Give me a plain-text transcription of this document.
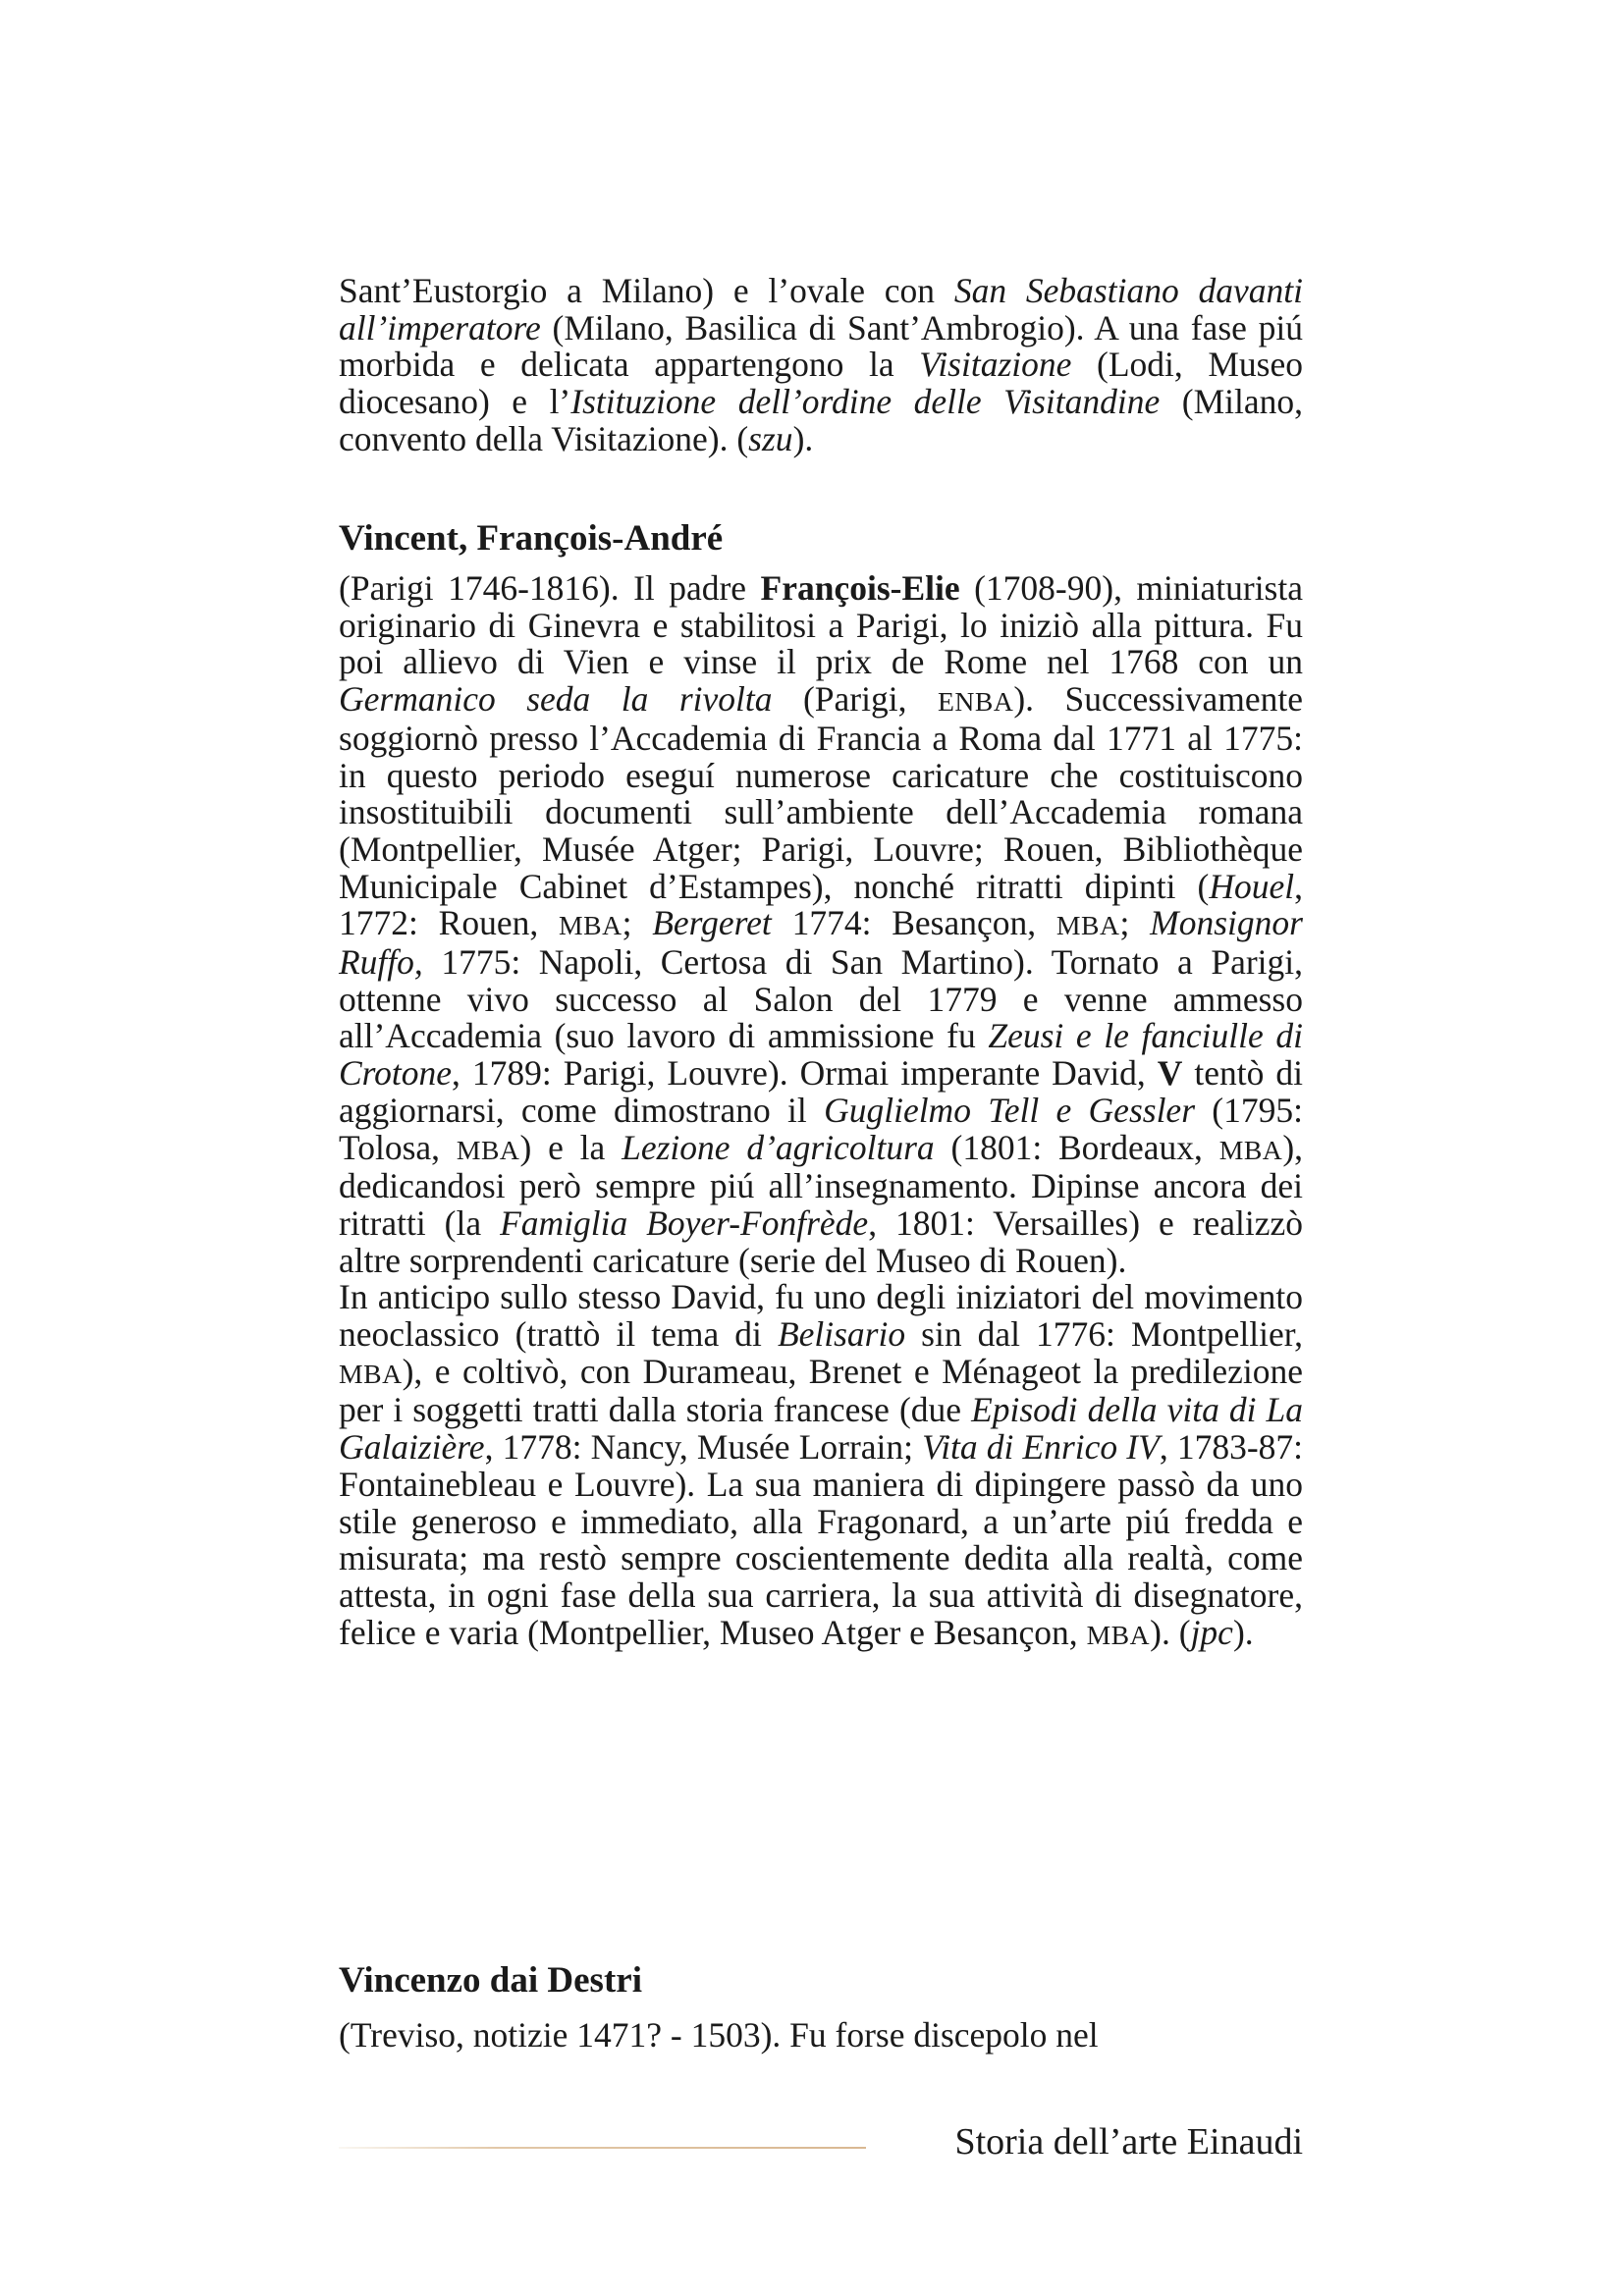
Sant’Eustorgio a Milano) e l’ovale con San Sebastiano davanti all’imperatore (Milano, Basilica di Sant’Ambrogio). A una fase piú morbida e delicata appartengono la Visitazione (Lodi, Museo diocesano) e l’Istituzione dell’ordine delle Visitandine (Milano, convento della Visitazione). (szu).
Vincent, François-André
(Parigi 1746-1816). Il padre François-Elie (1708-90), miniaturista originario di Ginevra e stabilitosi a Parigi, lo iniziò alla pittura. Fu poi allievo di Vien e vinse il prix de Rome nel 1768 con un Germanico seda la rivolta (Parigi, ENBA). Successivamente soggiornò presso l’Accademia di Francia a Roma dal 1771 al 1775: in questo periodo eseguí numerose caricature che costituiscono insostituibili documenti sull’ambiente dell’Accademia romana (Montpellier, Musée Atger; Parigi, Louvre; Rouen, Bibliothèque Municipale Cabinet d’Estampes), nonché ritratti dipinti (Houel, 1772: Rouen, MBA; Bergeret 1774: Besançon, MBA; Monsignor Ruffo, 1775: Napoli, Certosa di San Martino). Tornato a Parigi, ottenne vivo successo al Salon del 1779 e venne ammesso all’Accademia (suo lavoro di ammissione fu Zeusi e le fanciulle di Crotone, 1789: Parigi, Louvre). Ormai imperante David, V tentò di aggiornarsi, come dimostrano il Guglielmo Tell e Gessler (1795: Tolosa, MBA) e la Lezione d’agricoltura (1801: Bordeaux, MBA), dedicandosi però sempre piú all’insegnamento. Dipinse ancora dei ritratti (la Famiglia Boyer-Fonfrède, 1801: Versailles) e realizzò altre sorprendenti caricature (serie del Museo di Rouen).
In anticipo sullo stesso David, fu uno degli iniziatori del movimento neoclassico (trattò il tema di Belisario sin dal 1776: Montpellier, MBA), e coltivò, con Durameau, Brenet e Ménageot la predilezione per i soggetti tratti dalla storia francese (due Episodi della vita di La Galaizière, 1778: Nancy, Musée Lorrain; Vita di Enrico IV, 1783-87: Fontainebleau e Louvre). La sua maniera di dipingere passò da uno stile generoso e immediato, alla Fragonard, a un’arte piú fredda e misurata; ma restò sempre coscientemente dedita alla realtà, come attesta, in ogni fase della sua carriera, la sua attività di disegnatore, felice e varia (Montpellier, Museo Atger e Besançon, MBA). (jpc).
Vincenzo dai Destri
(Treviso, notizie 1471? - 1503). Fu forse discepolo nel
Storia dell’arte Einaudi
